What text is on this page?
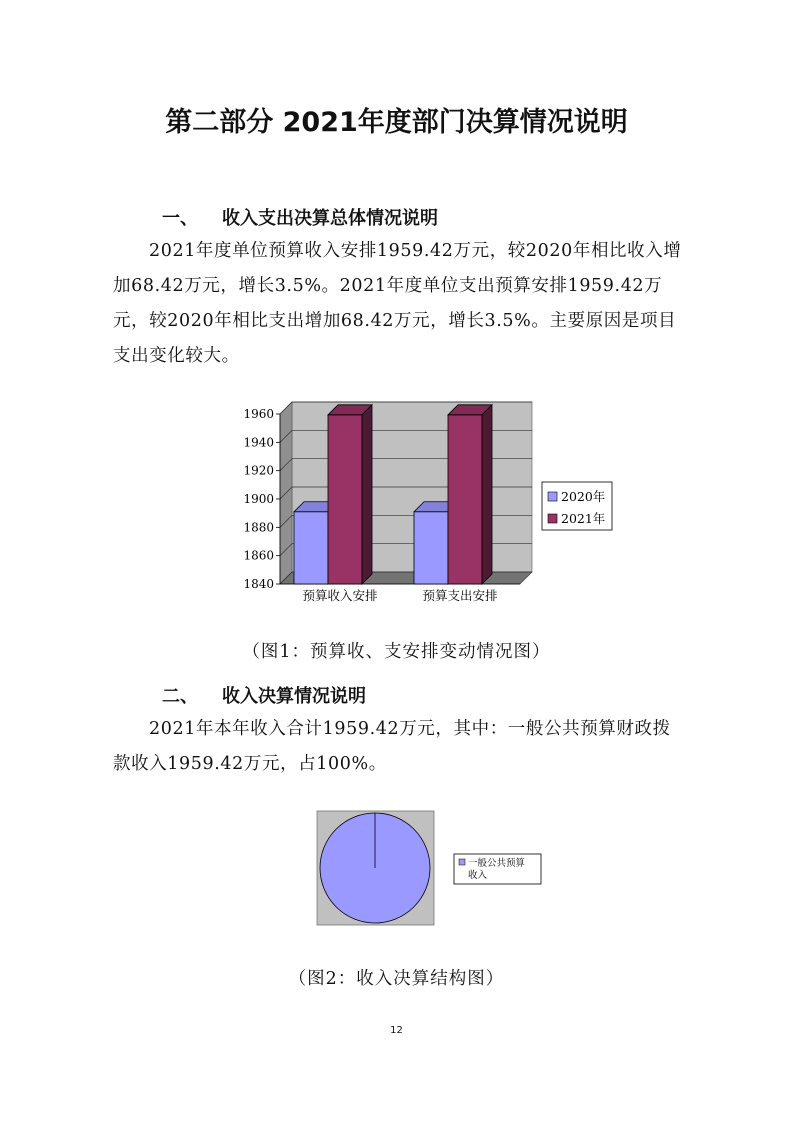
第二部分 2021年度部门决算情况说明
一、 收入支出决算总体情况说明

2021年度单位预算收入安排1959.42万元，较2020年相比收入增加68.42万元，增长3.5%。2021年度单位支出预算安排1959.42万元，较2020年相比支出增加68.42万元，增长3.5%。主要原因是项目支出变化较大。

1840
1860
1880
1900
1920
1940
1960
预算收入安排	预算支出安排
2020年
2021年
（图1：预算收、支安排变动情况图）
二、 收入决算情况说明

2021年本年收入合计1959.42万元，其中：一般公共预算财政拨款收入1959.42万元，占100%。

一般公共预算
收入
（图2：收入决算结构图）
12
